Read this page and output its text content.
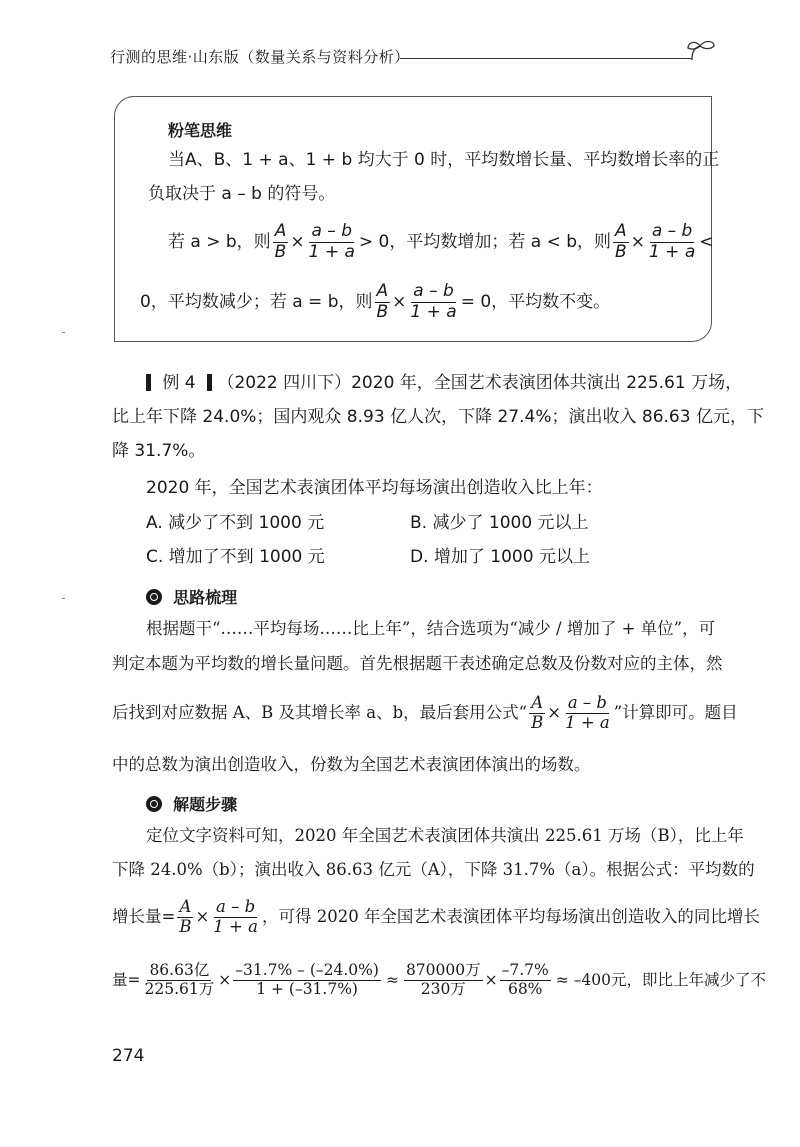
行测的思维·山东版（数量关系与资料分析）
粉笔思维
当A、B、1 + a、1 + b 均大于 0 时，平均数增长量、平均数增长率的正
负取决于 a – b 的符号。
若 a > b，则 $\frac{A}{B} \times \frac{a - b}{1 + a} > 0$，平均数增加；若 a < b，则 $\frac{A}{B} \times \frac{a - b}{1 + a}$ <
0，平均数减少；若 a = b，则 $\frac{A}{B} \times \frac{a - b}{1 + a} = 0$，平均数不变。
例 4 （2022 四川下）2020 年，全国艺术表演团体共演出 225.61 万场，
比上年下降 24.0%；国内观众 8.93 亿人次，下降 27.4%；演出收入 86.63 亿元，下
降 31.7%。
2020 年，全国艺术表演团体平均每场演出创造收入比上年：
A. 减少了不到 1000 元	B. 减少了 1000 元以上
C. 增加了不到 1000 元	D. 增加了 1000 元以上
思路梳理
根据题干“……平均每场……比上年”，结合选项为“减少 / 增加了 + 单位”，可
判定本题为平均数的增长量问题。首先根据题干表述确定总数及份数对应的主体，然
后找到对应数据 A、B 及其增长率 a、b，最后套用公式“ $\frac{A}{B} \times \frac{a - b}{1 + a}$ ”计算即可。题目
中的总数为演出创造收入，份数为全国艺术表演团体演出的场数。
解题步骤
定位文字资料可知，2020 年全国艺术表演团体共演出 225.61 万场（B），比上年
下降 24.0%（b）；演出收入 86.63 亿元（A），下降 31.7%（a）。根据公式：平均数的
增长量= $\frac{A}{B} \times \frac{a - b}{1 + a}$ ，可得 2020 年全国艺术表演团体平均每场演出创造收入的同比增长
量= $\frac{\text{86.63亿}}{\text{225.61万}} \times \frac{-31.7\% - (-24.0\%)}{1 + (-31.7\%)} \approx \frac{\text{870000万}}{\text{230万}} \times \frac{-7.7\%}{68\%} \approx -400$元，即比上年减少了不
274
